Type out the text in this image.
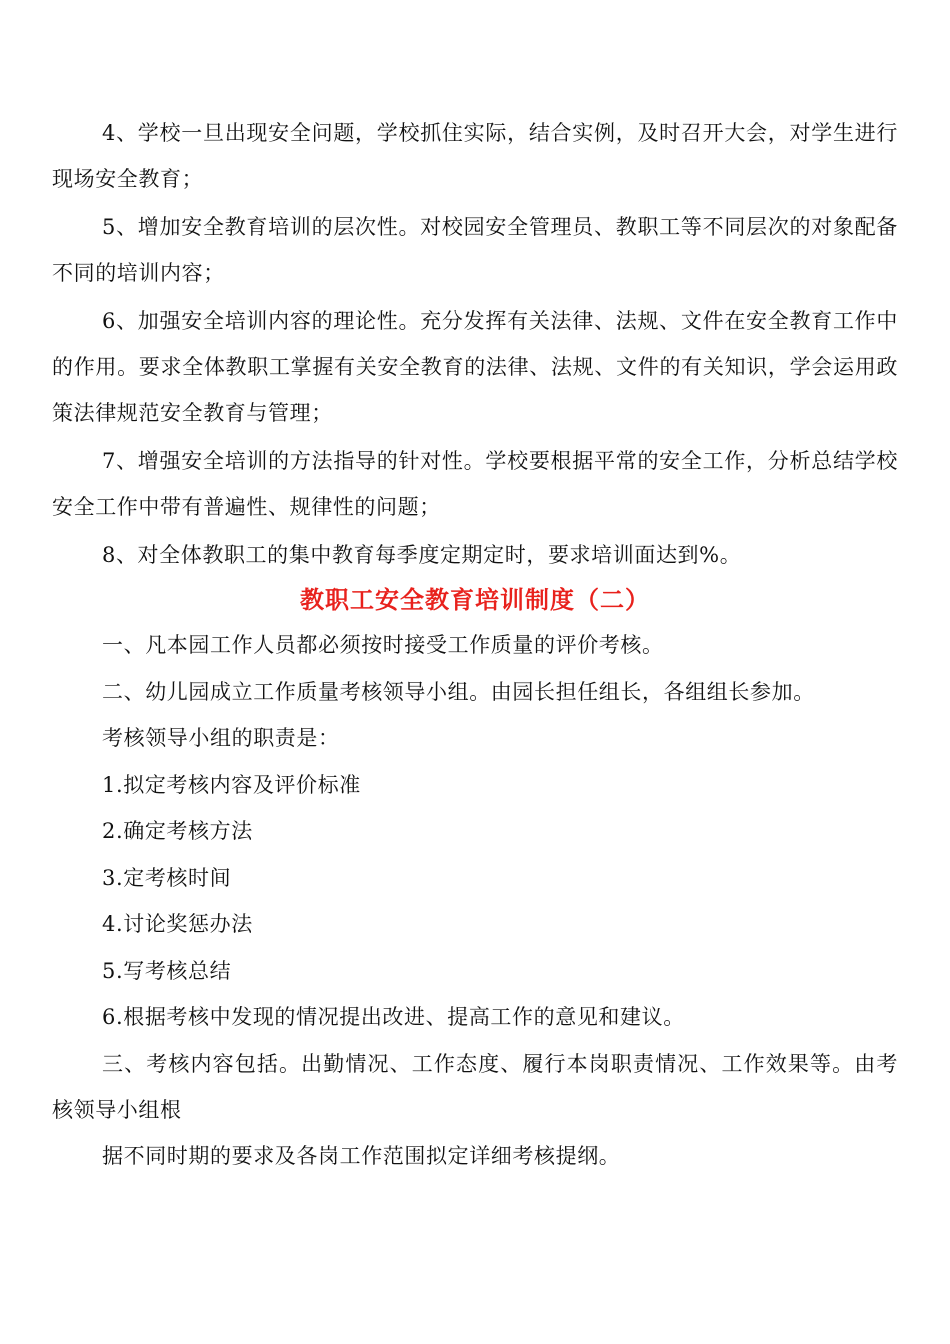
4、学校一旦出现安全问题，学校抓住实际，结合实例，及时召开大会，对学生进行现场安全教育；

5、增加安全教育培训的层次性。对校园安全管理员、教职工等不同层次的对象配备不同的培训内容；

6、加强安全培训内容的理论性。充分发挥有关法律、法规、文件在安全教育工作中的作用。要求全体教职工掌握有关安全教育的法律、法规、文件的有关知识，学会运用政策法律规范安全教育与管理；

7、增强安全培训的方法指导的针对性。学校要根据平常的安全工作，分析总结学校安全工作中带有普遍性、规律性的问题；

8、对全体教职工的集中教育每季度定期定时，要求培训面达到%。

教职工安全教育培训制度（二）

一、凡本园工作人员都必须按时接受工作质量的评价考核。

二、幼儿园成立工作质量考核领导小组。由园长担任组长，各组组长参加。

考核领导小组的职责是：

1.拟定考核内容及评价标准

2.确定考核方法

3.定考核时间

4.讨论奖惩办法

5.写考核总结

6.根据考核中发现的情况提出改进、提高工作的意见和建议。

三、考核内容包括。出勤情况、工作态度、履行本岗职责情况、工作效果等。由考核领导小组根

据不同时期的要求及各岗工作范围拟定详细考核提纲。
